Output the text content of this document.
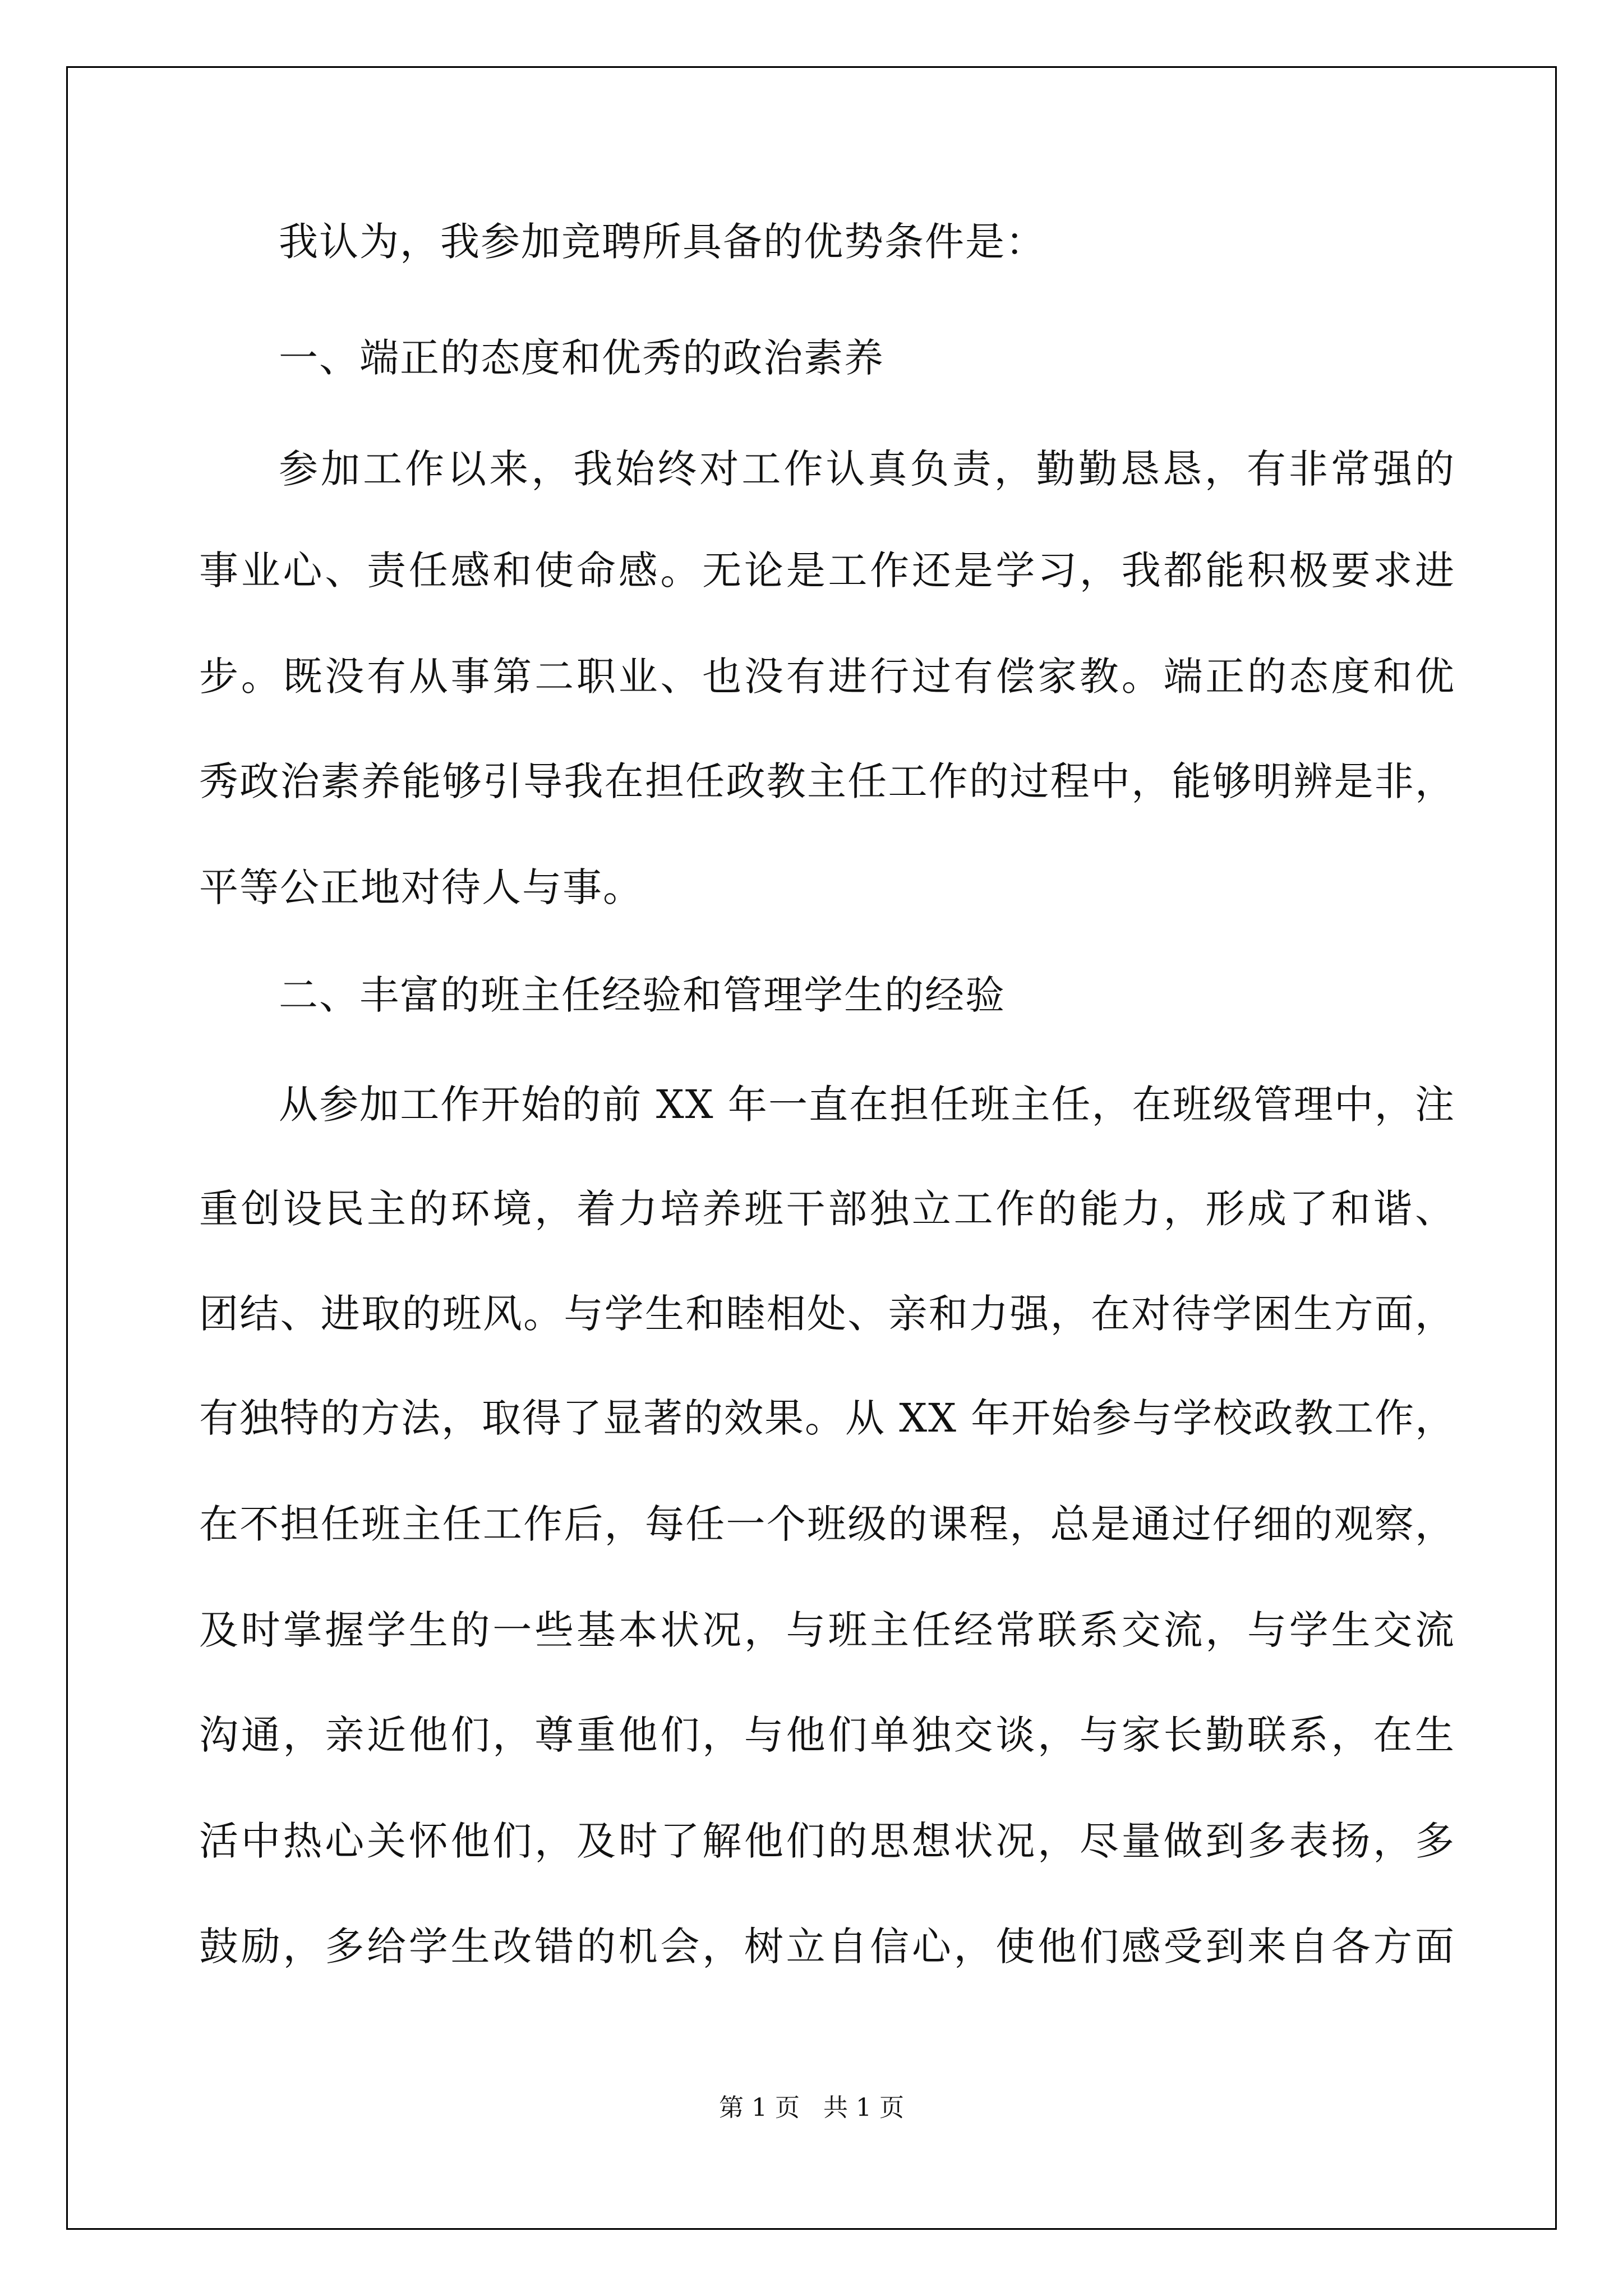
我认为，我参加竞聘所具备的优势条件是：
一、端正的态度和优秀的政治素养
参加工作以来，我始终对工作认真负责，勤勤恳恳，有非常强的
事业心、责任感和使命感。无论是工作还是学习，我都能积极要求进
步。既没有从事第二职业、也没有进行过有偿家教。端正的态度和优
秀政治素养能够引导我在担任政教主任工作的过程中，能够明辨是非，
平等公正地对待人与事。
二、丰富的班主任经验和管理学生的经验
从参加工作开始的前 XX 年一直在担任班主任，在班级管理中，注
重创设民主的环境，着力培养班干部独立工作的能力，形成了和谐、
团结、进取的班风。与学生和睦相处、亲和力强，在对待学困生方面，
有独特的方法，取得了显著的效果。从 XX 年开始参与学校政教工作，
在不担任班主任工作后，每任一个班级的课程，总是通过仔细的观察，
及时掌握学生的一些基本状况，与班主任经常联系交流，与学生交流
沟通，亲近他们，尊重他们，与他们单独交谈，与家长勤联系，在生
活中热心关怀他们，及时了解他们的思想状况，尽量做到多表扬，多
鼓励，多给学生改错的机会，树立自信心，使他们感受到来自各方面
第 1 页 共 1 页
